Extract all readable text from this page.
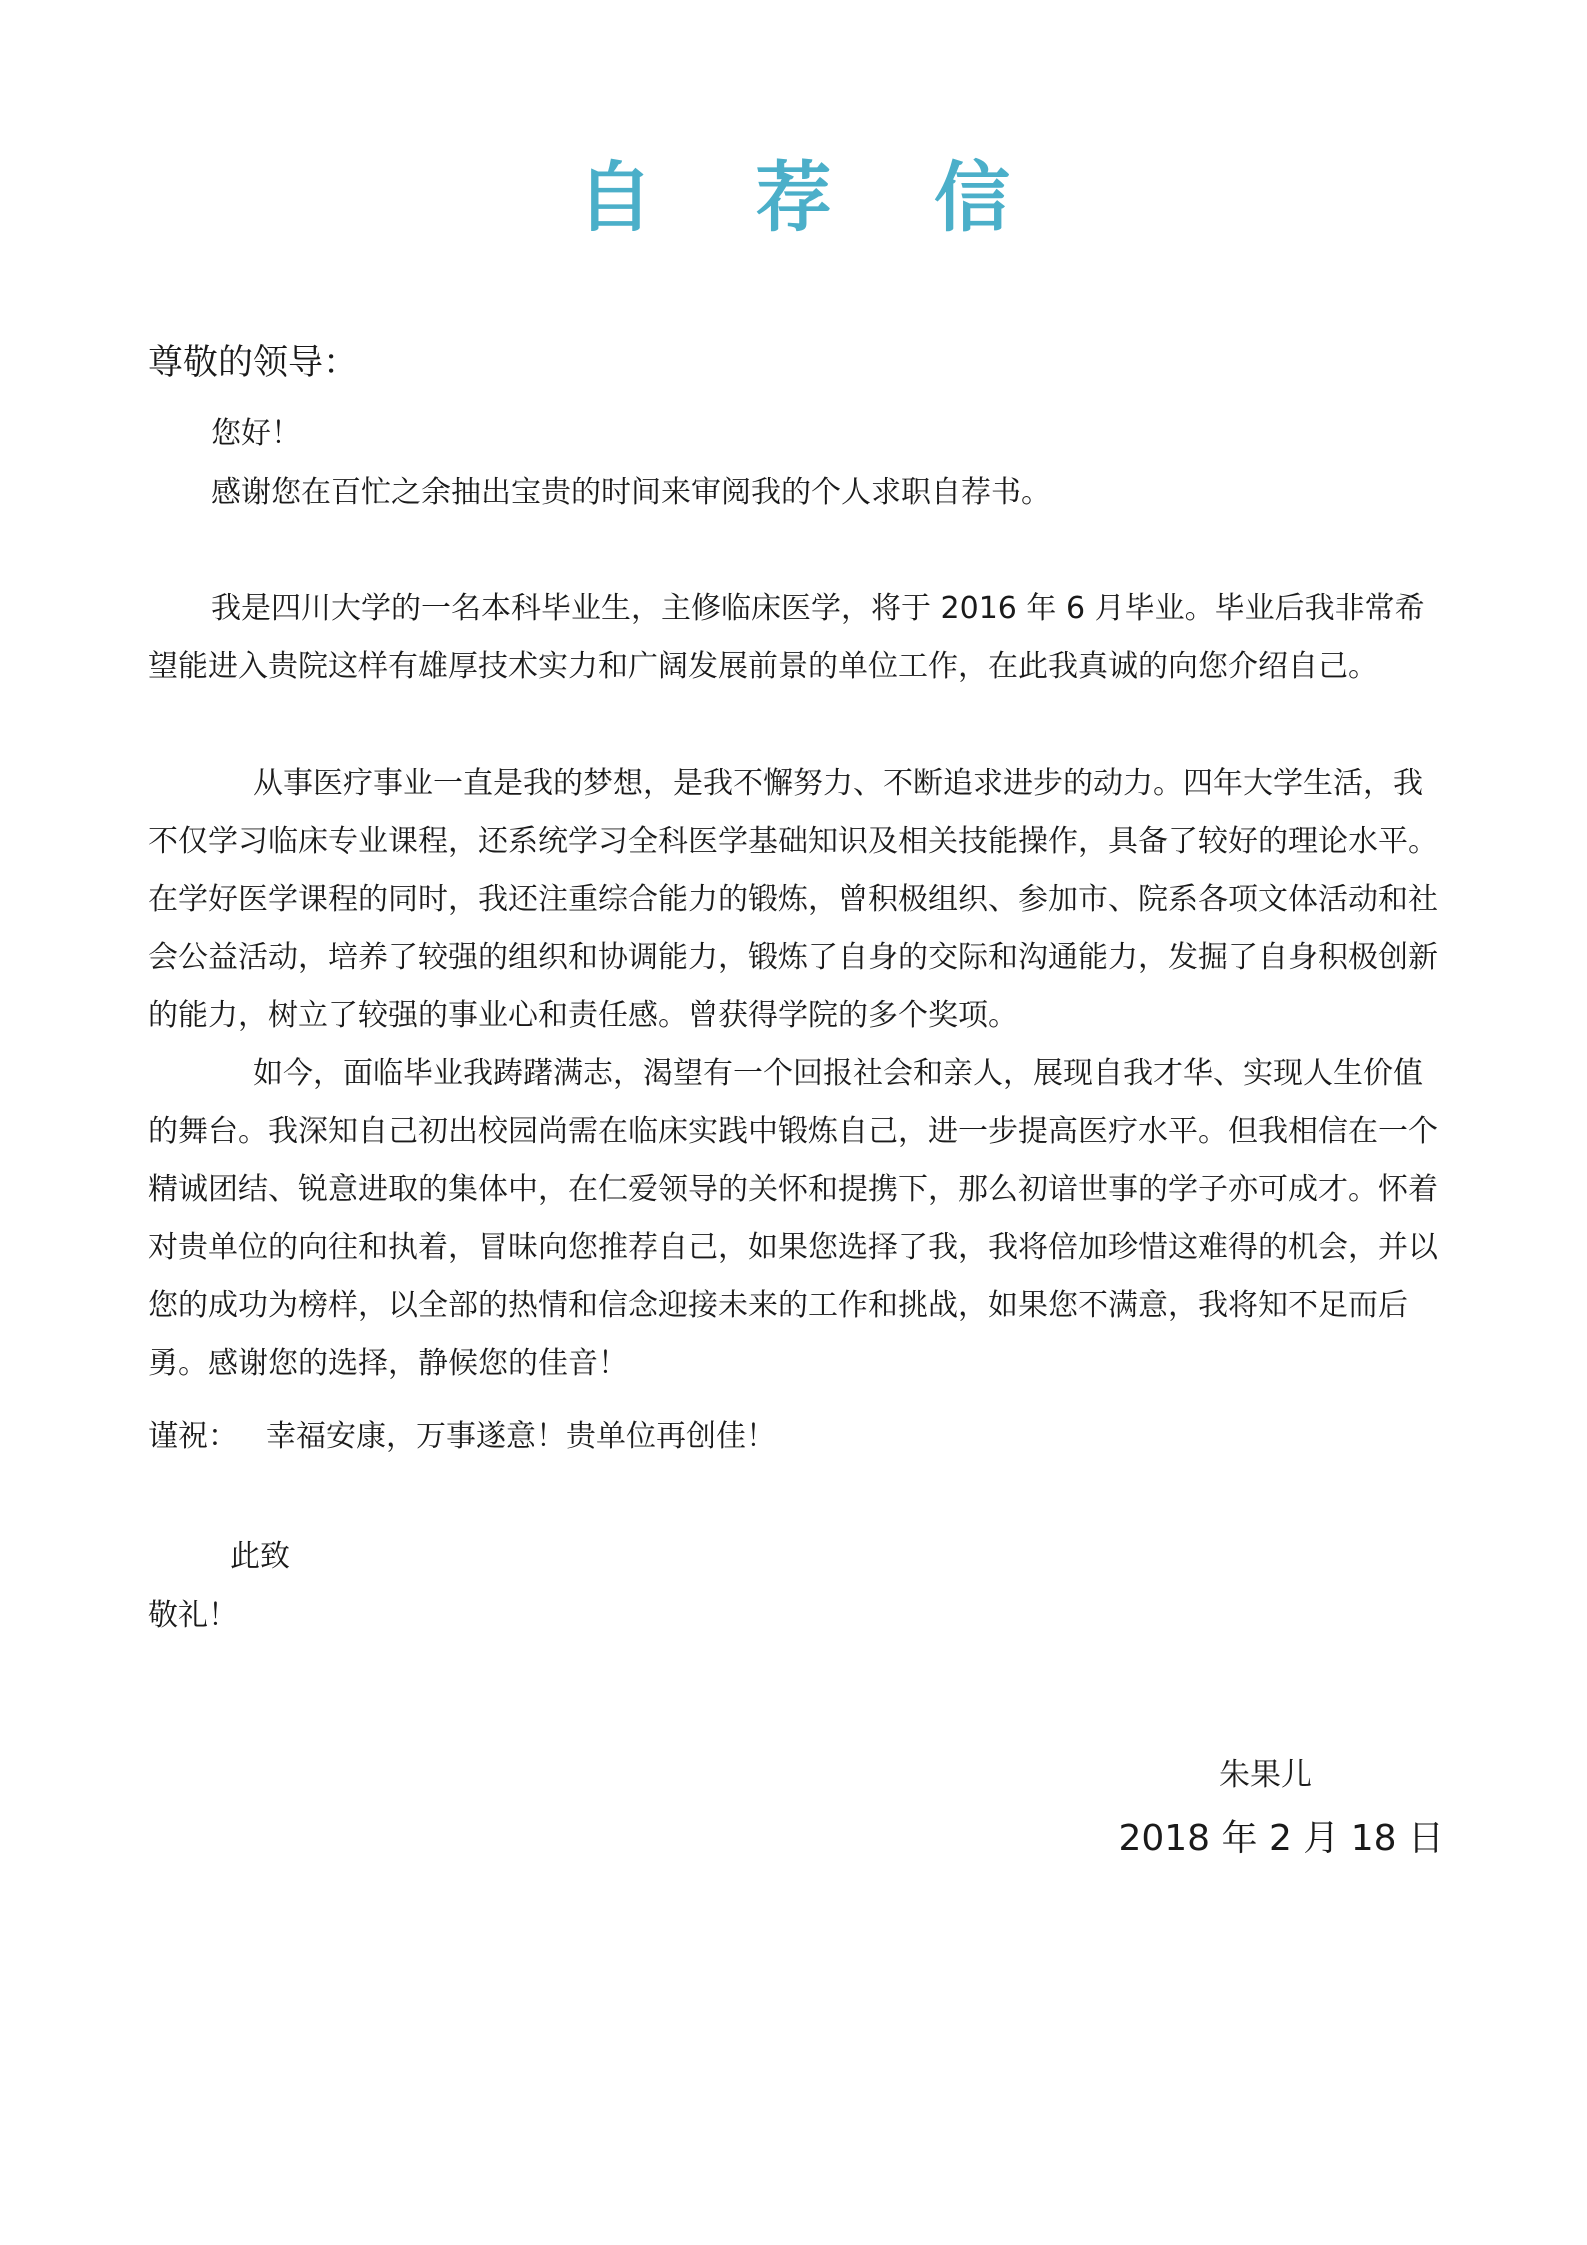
自 荐 信
尊敬的领导：
您好！
感谢您在百忙之余抽出宝贵的时间来审阅我的个人求职自荐书。
我是四川大学的一名本科毕业生，主修临床医学，将于 2016 年 6 月毕业。毕业后我非常希望能进入贵院这样有雄厚技术实力和广阔发展前景的单位工作，在此我真诚的向您介绍自己。
从事医疗事业一直是我的梦想，是我不懈努力、不断追求进步的动力。四年大学生活，我不仅学习临床专业课程，还系统学习全科医学基础知识及相关技能操作，具备了较好的理论水平。在学好医学课程的同时，我还注重综合能力的锻炼，曾积极组织、参加市、院系各项文体活动和社会公益活动，培养了较强的组织和协调能力，锻炼了自身的交际和沟通能力，发掘了自身积极创新的能力，树立了较强的事业心和责任感。曾获得学院的多个奖项。
如今，面临毕业我踌躇满志，渴望有一个回报社会和亲人，展现自我才华、实现人生价值的舞台。我深知自己初出校园尚需在临床实践中锻炼自己，进一步提高医疗水平。但我相信在一个精诚团结、锐意进取的集体中，在仁爱领导的关怀和提携下，那么初谙世事的学子亦可成才。怀着对贵单位的向往和执着，冒昧向您推荐自己，如果您选择了我，我将倍加珍惜这难得的机会，并以您的成功为榜样，以全部的热情和信念迎接未来的工作和挑战，如果您不满意，我将知不足而后勇。感谢您的选择，静候您的佳音！
谨祝： 幸福安康，万事遂意！贵单位再创佳！
此致
敬礼！
朱果儿
2018 年 2 月 18 日
